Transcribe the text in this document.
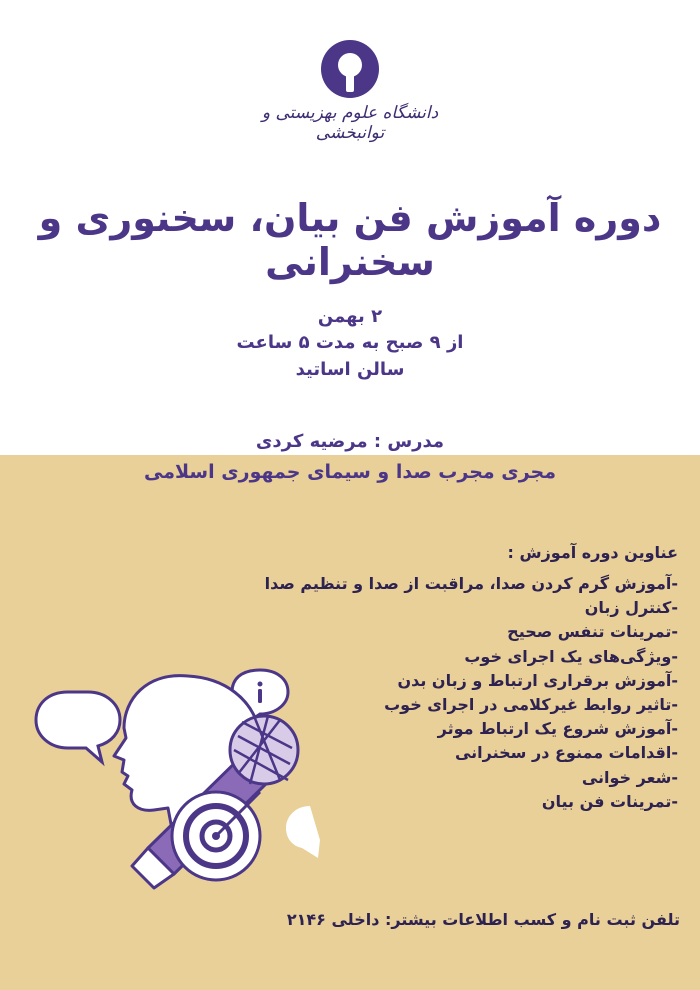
دانشگاه علوم بهزیستی و توانبخشی
دوره آموزش فن بیان، سخنوری و سخنرانی
۲ بهمن
از ۹ صبح به مدت ۵ ساعت
سالن اساتید
مدرس : مرضیه کردی
مجری مجرب صدا و سیمای جمهوری اسلامی
عناوین دوره آموزش :
-آموزش گرم کردن صدا، مراقبت از صدا و تنظیم صدا
-کنترل زبان
-تمرینات تنفس صحیح
-ویژگی‌های یک اجرای خوب
-آموزش برقراری ارتباط و زبان بدن
-تاثیر روابط غیرکلامی در اجرای خوب
-آموزش شروع یک ارتباط موثر
-اقدامات ممنوع در سخنرانی
-شعر خوانی
-تمرینات فن بیان
تلفن ثبت نام و کسب اطلاعات بیشتر: داخلی ۲۱۴۶
